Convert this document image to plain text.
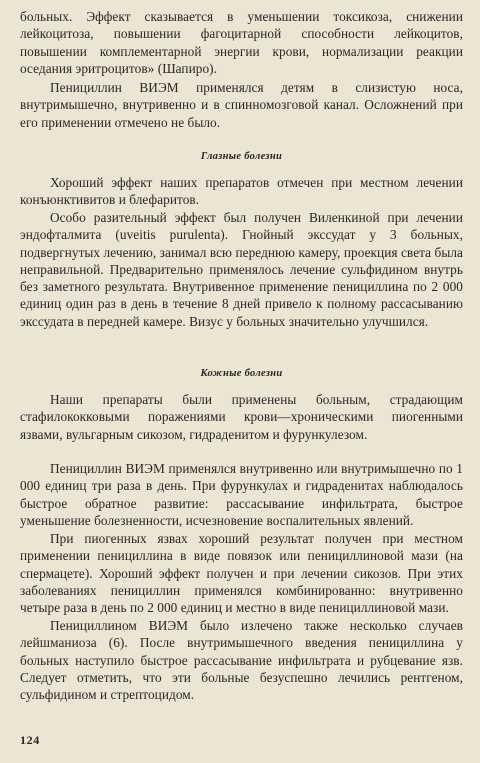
больных. Эффект сказывается в уменьшении токсикоза, снижении лейкоцитоза, повышении фагоцитарной способности лейкоцитов, повышении комплементарной энергии крови, нормализации реакции оседания эритроцитов» (Шапиро).

Пенициллин ВИЭМ применялся детям в слизистую носа, внутримышечно, внутривенно и в спинномозговой канал. Осложнений при его применении отмечено не было.

Глазные болезни

Хороший эффект наших препаратов отмечен при местном лечении конъюнктивитов и блефаритов.

Особо разительный эффект был получен Виленкиной при лечении эндофталмита (uveitis purulenta). Гнойный экссудат у 3 больных, подвергнутых лечению, занимал всю переднюю камеру, проекция света была неправильной. Предварительно применялось лечение сульфидином внутрь без заметного результата. Внутривенное применение пенициллина по 2 000 единиц один раз в день в течение 8 дней привело к полному рассасыванию экссудата в передней камере. Визус у больных значительно улучшился.

Кожные болезни

Наши препараты были применены больным, страдающим стафилококковыми поражениями крови—хроническими пиогенными язвами, вульгарным сикозом, гидраденитом и фурункулезом.

Пенициллин ВИЭМ применялся внутривенно или внутримышечно по 1 000 единиц три раза в день. При фурункулах и гидраденитах наблюдалось быстрое обратное развитие: рассасывание инфильтрата, быстрое уменьшение болезненности, исчезновение воспалительных явлений.

При пиогенных язвах хороший результат получен при местном применении пенициллина в виде повязок или пенициллиновой мази (на спермацете). Хороший эффект получен и при лечении сикозов. При этих заболеваниях пенициллин применялся комбинированно: внутривенно четыре раза в день по 2 000 единиц и местно в виде пенициллиновой мази.

Пенициллином ВИЭМ было излечено также несколько случаев лейшманиоза (6). После внутримышечного введения пенициллина у больных наступило быстрое рассасывание инфильтрата и рубцевание язв. Следует отметить, что эти больные безуспешно лечились рентгеном, сульфидином и стрептоцидом.

124
